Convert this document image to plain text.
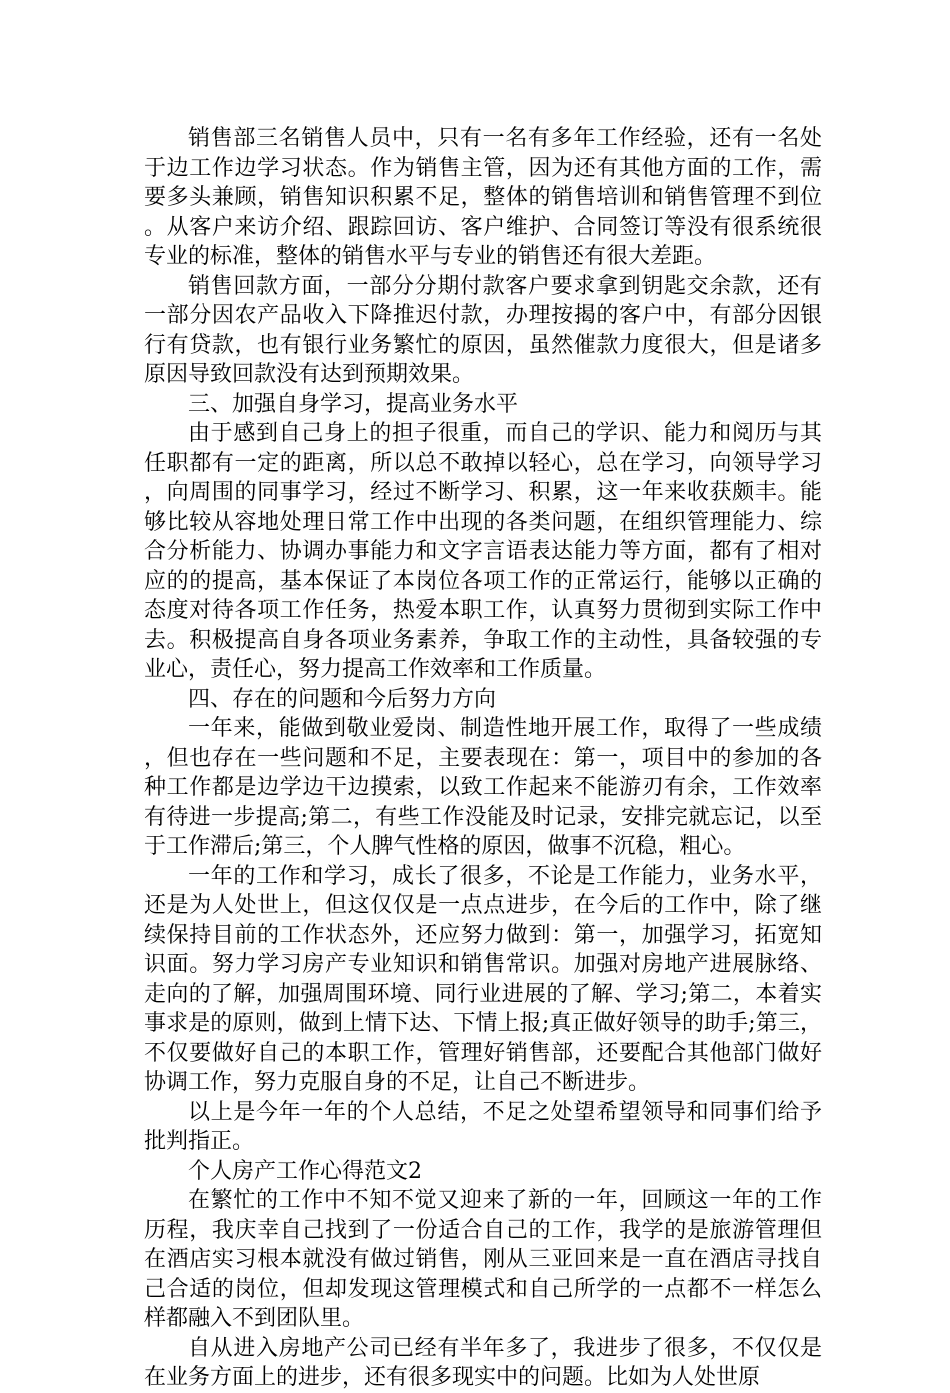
销售部三名销售人员中，只有一名有多年工作经验，还有一名处于边工作边学习状态。作为销售主管，因为还有其他方面的工作，需要多头兼顾，销售知识积累不足，整体的销售培训和销售管理不到位。从客户来访介绍、跟踪回访、客户维护、合同签订等没有很系统很专业的标准，整体的销售水平与专业的销售还有很大差距。

销售回款方面，一部分分期付款客户要求拿到钥匙交余款，还有一部分因农产品收入下降推迟付款，办理按揭的客户中，有部分因银行有贷款，也有银行业务繁忙的原因，虽然催款力度很大，但是诸多原因导致回款没有达到预期效果。

三、加强自身学习，提高业务水平

由于感到自己身上的担子很重，而自己的学识、能力和阅历与其任职都有一定的距离，所以总不敢掉以轻心，总在学习，向领导学习，向周围的同事学习，经过不断学习、积累，这一年来收获颇丰。能够比较从容地处理日常工作中出现的各类问题，在组织管理能力、综合分析能力、协调办事能力和文字言语表达能力等方面，都有了相对应的的提高，基本保证了本岗位各项工作的正常运行，能够以正确的态度对待各项工作任务，热爱本职工作，认真努力贯彻到实际工作中去。积极提高自身各项业务素养，争取工作的主动性，具备较强的专业心，责任心，努力提高工作效率和工作质量。

四、存在的问题和今后努力方向

一年来，能做到敬业爱岗、制造性地开展工作，取得了一些成绩，但也存在一些问题和不足，主要表现在：第一，项目中的参加的各种工作都是边学边干边摸索，以致工作起来不能游刃有余，工作效率有待进一步提高;第二，有些工作没能及时记录，安排完就忘记，以至于工作滞后;第三，个人脾气性格的原因，做事不沉稳，粗心。

一年的工作和学习，成长了很多，不论是工作能力，业务水平，还是为人处世上，但这仅仅是一点点进步，在今后的工作中，除了继续保持目前的工作状态外，还应努力做到：第一，加强学习，拓宽知识面。努力学习房产专业知识和销售常识。加强对房地产进展脉络、走向的了解，加强周围环境、同行业进展的了解、学习;第二，本着实事求是的原则，做到上情下达、下情上报;真正做好领导的助手;第三，不仅要做好自己的本职工作，管理好销售部，还要配合其他部门做好协调工作，努力克服自身的不足，让自己不断进步。

以上是今年一年的个人总结，不足之处望希望领导和同事们给予批判指正。

个人房产工作心得范文2

在繁忙的工作中不知不觉又迎来了新的一年，回顾这一年的工作历程，我庆幸自己找到了一份适合自己的工作，我学的是旅游管理但在酒店实习根本就没有做过销售，刚从三亚回来是一直在酒店寻找自己合适的岗位，但却发现这管理模式和自己所学的一点都不一样怎么样都融入不到团队里。

自从进入房地产公司已经有半年多了，我进步了很多，不仅仅是在业务方面上的进步，还有很多现实中的问题。比如为人处世原
